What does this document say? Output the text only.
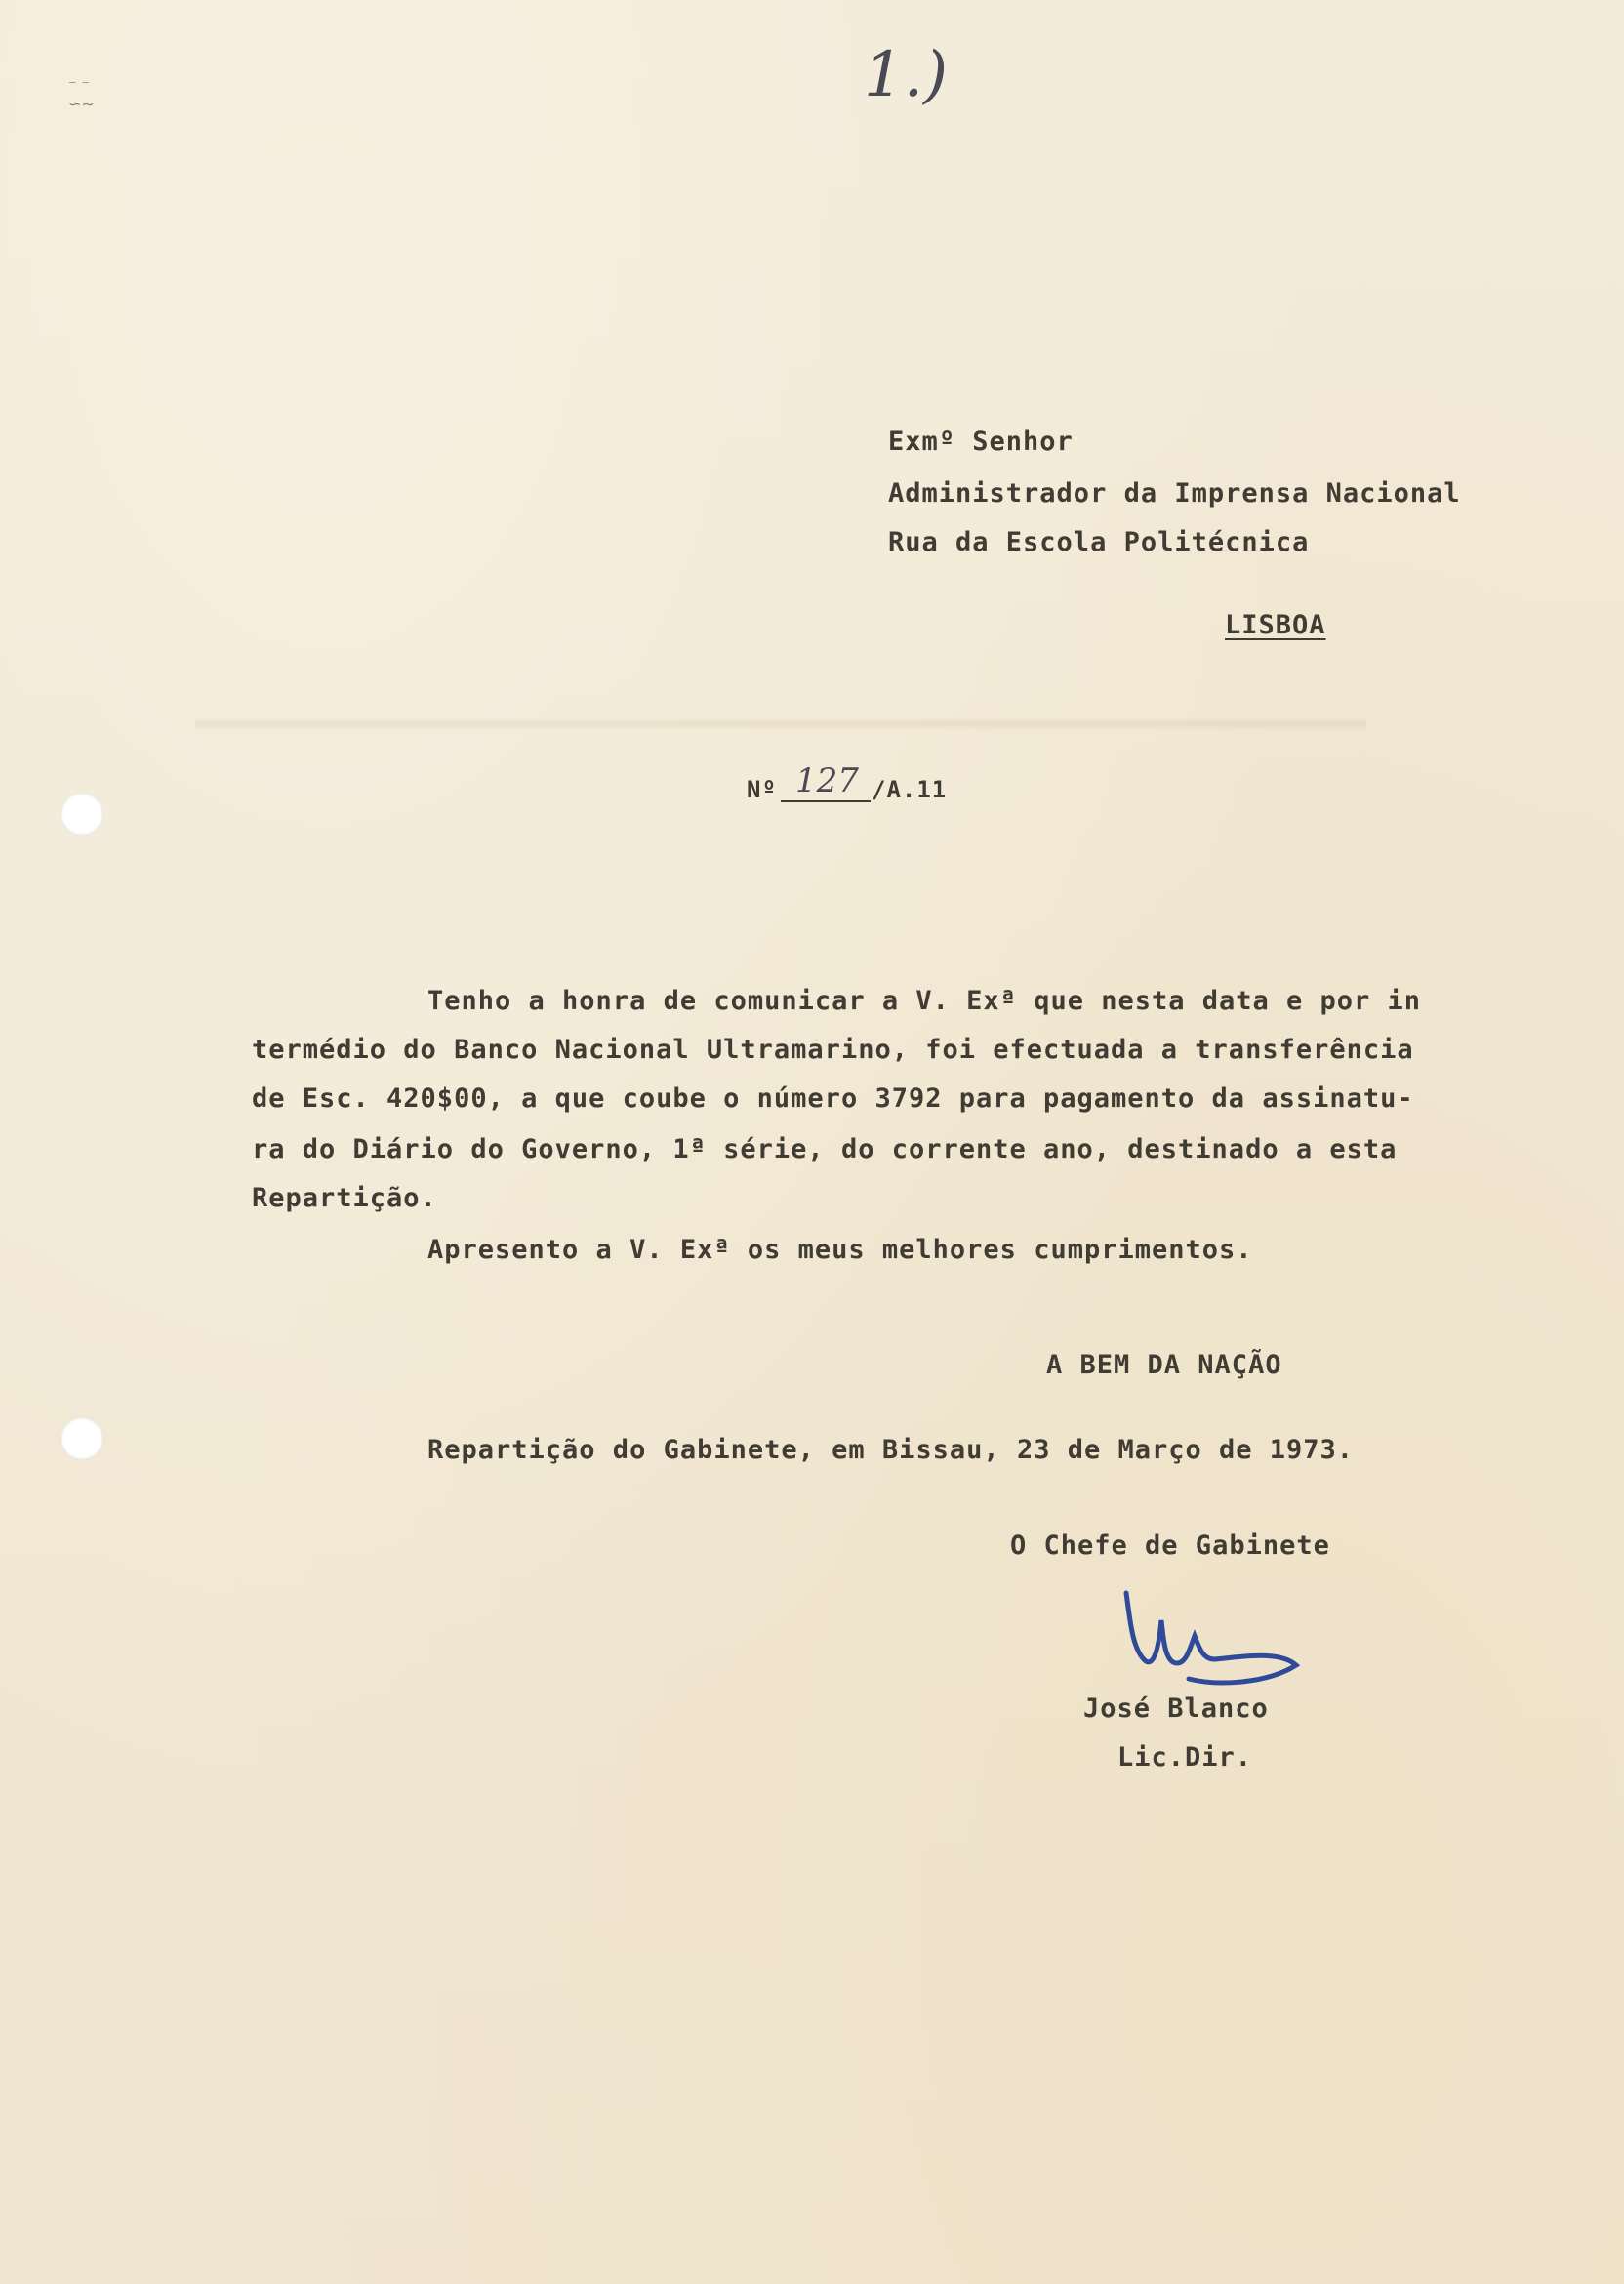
⁻ ⁻
∽∼	1.)
Exmº Senhor
Administrador da Imprensa Nacional
Rua da Escola Politécnica
LISBOA
Nº 127 /A.11
Tenho a honra de comunicar a V. Exª que nesta data e por in
termédio do Banco Nacional Ultramarino, foi efectuada a transferência
de Esc. 420$00, a que coube o número 3792 para pagamento da assinatu-
ra do Diário do Governo, 1ª série, do corrente ano, destinado a esta
Repartição.
Apresento a V. Exª os meus melhores cumprimentos.
A BEM DA NAÇÃO
Repartição do Gabinete, em Bissau, 23 de Março de 1973.
O Chefe de Gabinete
José Blanco
Lic.Dir.
